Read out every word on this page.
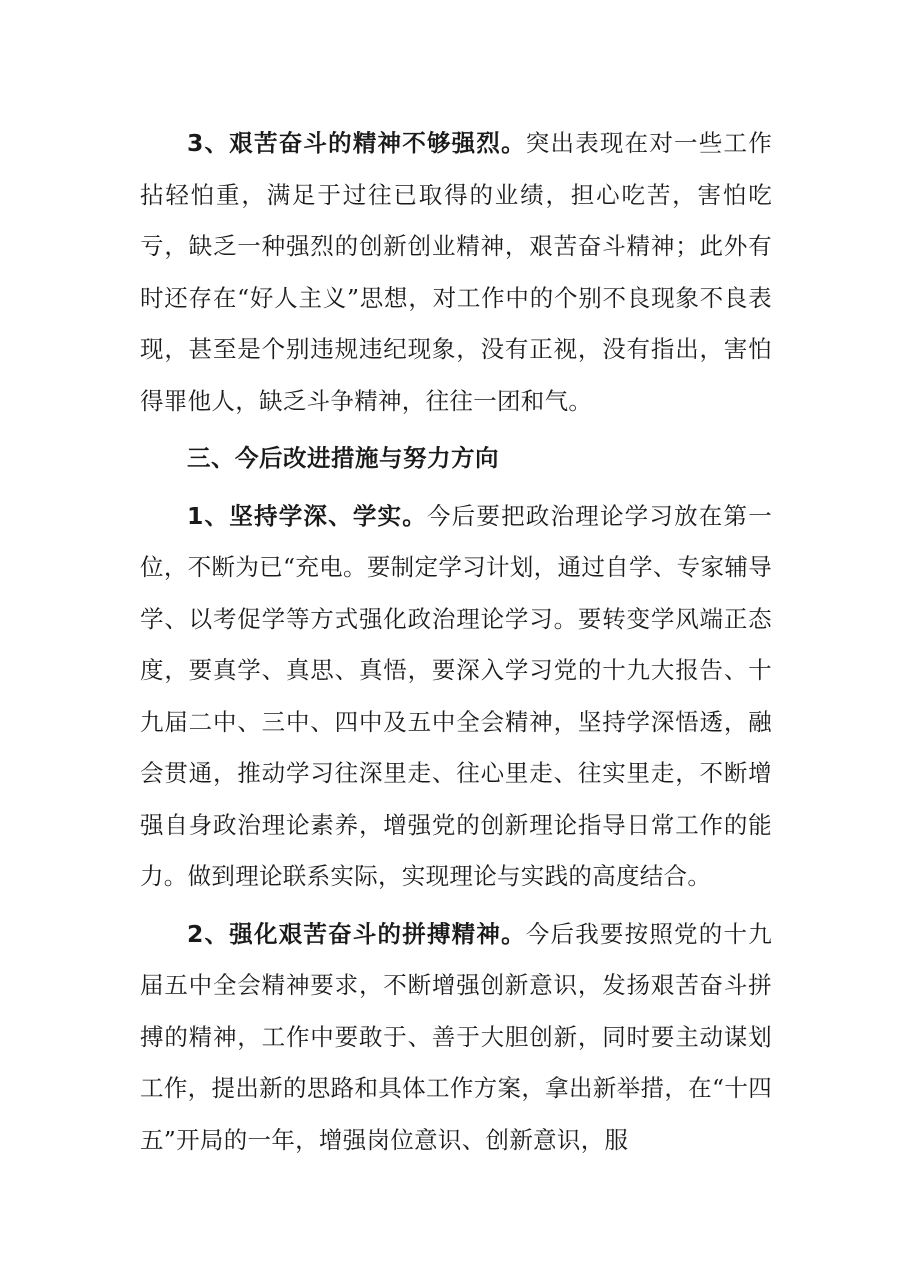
3、艰苦奋斗的精神不够强烈。突出表现在对一些工作拈轻怕重，满足于过往已取得的业绩，担心吃苦，害怕吃亏，缺乏一种强烈的创新创业精神，艰苦奋斗精神；此外有时还存在“好人主义”思想，对工作中的个别不良现象不良表现，甚至是个别违规违纪现象，没有正视，没有指出，害怕得罪他人，缺乏斗争精神，往往一团和气。

三、今后改进措施与努力方向

1、坚持学深、学实。今后要把政治理论学习放在第一位，不断为已“充电。要制定学习计划，通过自学、专家辅导学、以考促学等方式强化政治理论学习。要转变学风端正态度，要真学、真思、真悟，要深入学习党的十九大报告、十九届二中、三中、四中及五中全会精神，坚持学深悟透，融会贯通，推动学习往深里走、往心里走、往实里走，不断增强自身政治理论素养，增强党的创新理论指导日常工作的能力。做到理论联系实际，实现理论与实践的高度结合。

2、强化艰苦奋斗的拼搏精神。今后我要按照党的十九届五中全会精神要求，不断增强创新意识，发扬艰苦奋斗拼搏的精神，工作中要敢于、善于大胆创新，同时要主动谋划工作，提出新的思路和具体工作方案，拿出新举措，在“十四五”开局的一年，增强岗位意识、创新意识，服
